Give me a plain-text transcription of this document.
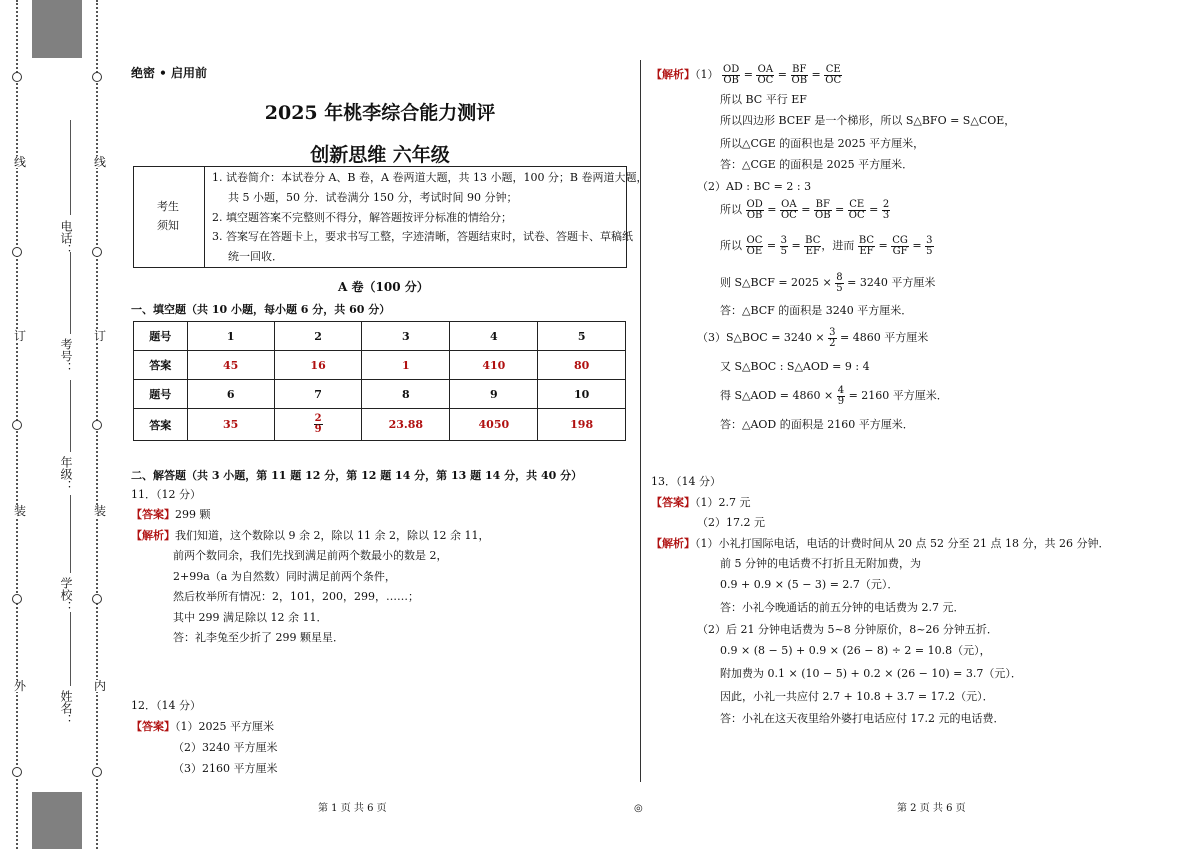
线
订
装
外
线
订
装
内
电话：
考号：
年级：
学校：
姓名：
绝密 • 启用前
2025 年桃李综合能力测评
创新思维 六年级
考生
须知
1. 试卷简介：本试卷分 A、B 卷，A 卷两道大题，共 13 小题，100 分；B 卷两道大题，
共 5 小题，50 分．试卷满分 150 分，考试时间 90 分钟；
2. 填空题答案不完整则不得分，解答题按评分标准的情给分；
3. 答案写在答题卡上，要求书写工整，字迹清晰，答题结束时，试卷、答题卡、草稿纸
统一回收．
A 卷（100 分）
一、填空题（共 10 小题，每小题 6 分，共 60 分）
题号	1	2	3	4	5
答案	45	16	1	410	80
题号	6	7	8	9	10
答案	35	$\frac{2}{9}$	23.88	4050	198
二、解答题（共 3 小题，第 11 题 12 分，第 12 题 14 分，第 13 题 14 分，共 40 分）
11．（12 分）
【答案】299 颗
【解析】我们知道，这个数除以 9 余 2，除以 11 余 2，除以 12 余 11，
前两个数同余，我们先找到满足前两个数最小的数是 2，
2+99a（a 为自然数）同时满足前两个条件，
然后枚举所有情况：2，101，200，299，……；
其中 299 满足除以 12 余 11．
答：礼李兔至少折了 299 颗星星．
12．（14 分）
【答案】（1）2025 平方厘米
（2）3240 平方厘米
（3）2160 平方厘米
【解析】$(1) \frac{OD}{OB} = \frac{OA}{OC} = \frac{BF}{OB} = \frac{CE}{OC}$
所以 BC 平行 EF
所以四边形 BCEF 是一个梯形，所以 S△BFO = S△COE，
所以△CGE 的面积也是 2025 平方厘米，
答：△CGE 的面积是 2025 平方厘米．
（2）AD : BC = 2 : 3
所以 $\frac{OD}{OB} = \frac{OA}{OC} = \frac{BF}{OB} = \frac{CE}{OC} = \frac{2}{3}$
所以 $\frac{OC}{OE} = \frac{3}{5} = \frac{BC}{EF}$ ，进而 $\frac{BC}{EF} = \frac{CG}{GF} = \frac{3}{5}$
则 S△BCF = $2025 \times \frac{8}{5} = 3240$ 平方厘米
答：△BCF 的面积是 3240 平方厘米．
（3）S△BOC = $3240 \times \frac{3}{2} = 4860$ 平方厘米
又 S△BOC : S△AOD = 9 : 4
得 S△AOD = $4860 \times \frac{4}{9} = 2160$ 平方厘米．
答：△AOD 的面积是 2160 平方厘米．
13．（14 分）
【答案】（1）2.7 元
（2）17.2 元
【解析】（1）小礼打国际电话，电话的计费时间从 20 点 52 分至 21 点 18 分，共 26 分钟．
前 5 分钟的电话费不打折且无附加费，为
0.9 + 0.9 × (5 − 3) = 2.7（元）．
答：小礼今晚通话的前五分钟的电话费为 2.7 元．
（2）后 21 分钟电话费为 5~8 分钟原价，8~26 分钟五折．
0.9 × (8 − 5) + 0.9 × (26 − 8) ÷ 2 = 10.8（元），
附加费为 0.1 × (10 − 5) + 0.2 × (26 − 10) = 3.7（元）．
因此，小礼一共应付 2.7 + 10.8 + 3.7 = 17.2（元）．
答：小礼在这天夜里给外婆打电话应付 17.2 元的电话费．
第 1 页 共 6 页	◎	第 2 页 共 6 页
